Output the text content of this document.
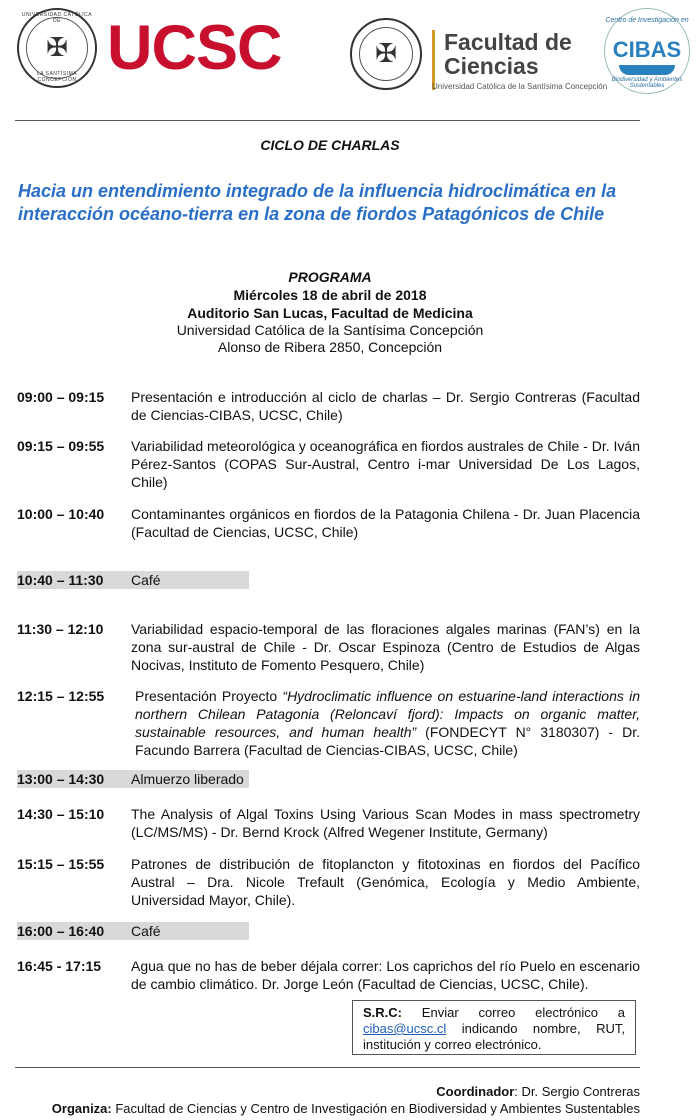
UNIVERSIDAD CATÓLICA DE
✠
LA SANTÍSIMA CONCEPCIÓN UCSC	✠ Facultad de
Ciencias
Universidad Católica de la Santísima Concepción
Centro de Investigación en
CIBAS
Biodiversidad y Ambientes Sustentables
CICLO DE CHARLAS
Hacia un entendimiento integrado de la influencia hidroclimática en la interacción océano-tierra en la zona de fiordos Patagónicos de Chile
PROGRAMA
Miércoles 18 de abril de 2018
Auditorio San Lucas, Facultad de Medicina
Universidad Católica de la Santísima Concepción
Alonso de Ribera 2850, Concepción
09:00 – 09:15	Presentación e introducción al ciclo de charlas – Dr. Sergio Contreras (Facultad de Ciencias-CIBAS, UCSC, Chile)
09:15 – 09:55	Variabilidad meteorológica y oceanográfica en fiordos australes de Chile - Dr. Iván Pérez-Santos (COPAS Sur-Austral, Centro i-mar Universidad De Los Lagos, Chile)
10:00 – 10:40	Contaminantes orgánicos en fiordos de la Patagonia Chilena - Dr. Juan Placencia (Facultad de Ciencias, UCSC, Chile)
10:40 – 11:30	Café
11:30 – 12:10	Variabilidad espacio-temporal de las floraciones algales marinas (FAN’s) en la zona sur-austral de Chile - Dr. Oscar Espinoza (Centro de Estudios de Algas Nocivas, Instituto de Fomento Pesquero, Chile)
12:15 – 12:55	Presentación Proyecto “Hydroclimatic influence on estuarine-land interactions in northern Chilean Patagonia (Reloncaví fjord): Impacts on organic matter, sustainable resources, and human health” (FONDECYT N° 3180307) - Dr. Facundo Barrera (Facultad de Ciencias-CIBAS, UCSC, Chile)
13:00 – 14:30	Almuerzo liberado
14:30 – 15:10	The Analysis of Algal Toxins Using Various Scan Modes in mass spectrometry (LC/MS/MS) - Dr. Bernd Krock (Alfred Wegener Institute, Germany)
15:15 – 15:55	Patrones de distribución de fitoplancton y fitotoxinas en fiordos del Pacífico Austral – Dra. Nicole Trefault (Genómica, Ecología y Medio Ambiente, Universidad Mayor, Chile).
16:00 – 16:40	Café
16:45 - 17:15	Agua que no has de beber déjala correr: Los caprichos del río Puelo en escenario de cambio climático. Dr. Jorge León (Facultad de Ciencias, UCSC, Chile).
S.R.C: Enviar correo electrónico a cibas@ucsc.cl indicando nombre, RUT, institución y correo electrónico.
Coordinador: Dr. Sergio Contreras
Organiza: Facultad de Ciencias y Centro de Investigación en Biodiversidad y Ambientes Sustentables
